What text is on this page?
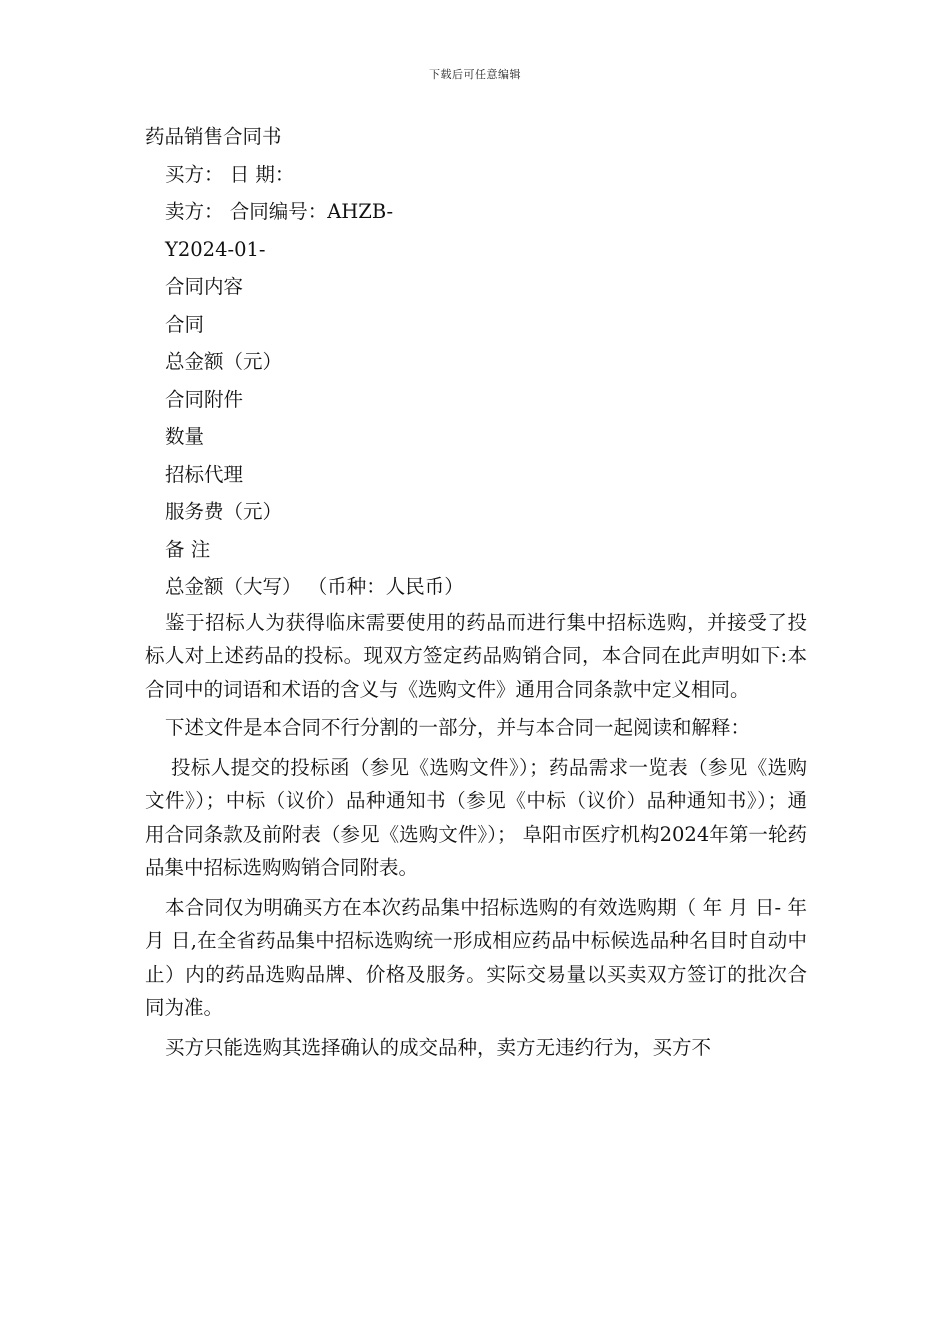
下载后可任意编辑
药品销售合同书
买方： 日 期：
卖方： 合同编号：AHZB-
Y2024-01-
合同内容
合同
总金额（元）
合同附件
数量
招标代理
服务费（元）
备 注
总金额（大写） （币种：人民币）

鉴于招标人为获得临床需要使用的药品而进行集中招标选购，并接受了投标人对上述药品的投标。现双方签定药品购销合同，本合同在此声明如下:本合同中的词语和术语的含义与《选购文件》通用合同条款中定义相同。

下述文件是本合同不行分割的一部分，并与本合同一起阅读和解释：

投标人提交的投标函（参见《选购文件》）；药品需求一览表（参见《选购文件》）；中标（议价）品种通知书（参见《中标（议价）品种通知书》）；通用合同条款及前附表（参见《选购文件》）； 阜阳市医疗机构2024年第一轮药品集中招标选购购销合同附表。

本合同仅为明确买方在本次药品集中招标选购的有效选购期（ 年 月 日- 年 月 日,在全省药品集中招标选购统一形成相应药品中标候选品种名目时自动中止）内的药品选购品牌、价格及服务。实际交易量以买卖双方签订的批次合同为准。

买方只能选购其选择确认的成交品种，卖方无违约行为，买方不
